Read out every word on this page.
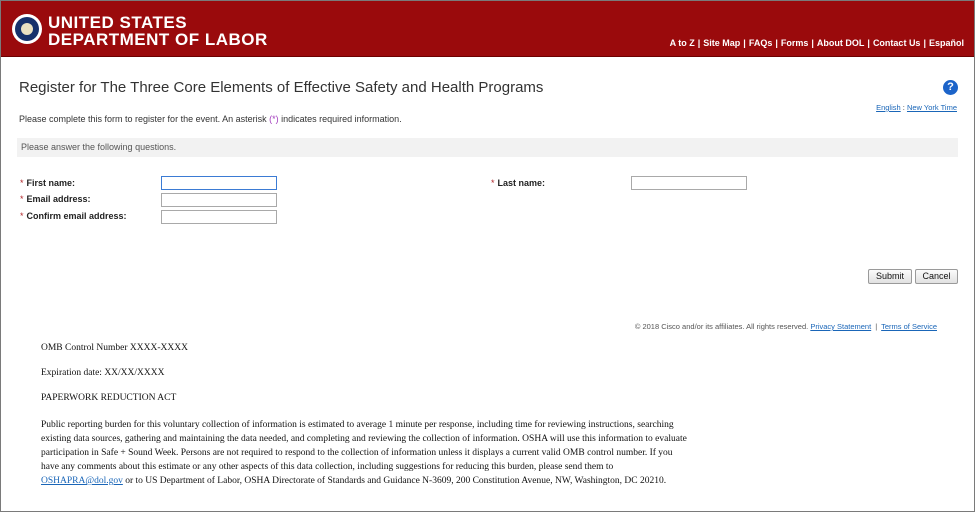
UNITED STATES
DEPARTMENT OF LABOR	A to Z | Site Map | FAQs | Forms | About DOL | Contact Us | Español
Register for The Three Core Elements of Effective Safety and Health Programs	?
English : New York Time
Please complete this form to register for the event. An asterisk (*) indicates required information.
Please answer the following questions.
* First name:	* Last name:
* Email address:
* Confirm email address:
Submit	Cancel
© 2018 Cisco and/or its affiliates. All rights reserved. Privacy Statement | Terms of Service
OMB Control Number XXXX-XXXX
Expiration date: XX/XX/XXXX
PAPERWORK REDUCTION ACT
Public reporting burden for this voluntary collection of information is estimated to average 1 minute per response, including time for reviewing instructions, searching existing data sources, gathering and maintaining the data needed, and completing and reviewing the collection of information. OSHA will use this information to evaluate participation in Safe + Sound Week. Persons are not required to respond to the collection of information unless it displays a current valid OMB control number. If you have any comments about this estimate or any other aspects of this data collection, including suggestions for reducing this burden, please send them to OSHAPRA@dol.gov or to US Department of Labor, OSHA Directorate of Standards and Guidance N-3609, 200 Constitution Avenue, NW, Washington, DC 20210.
